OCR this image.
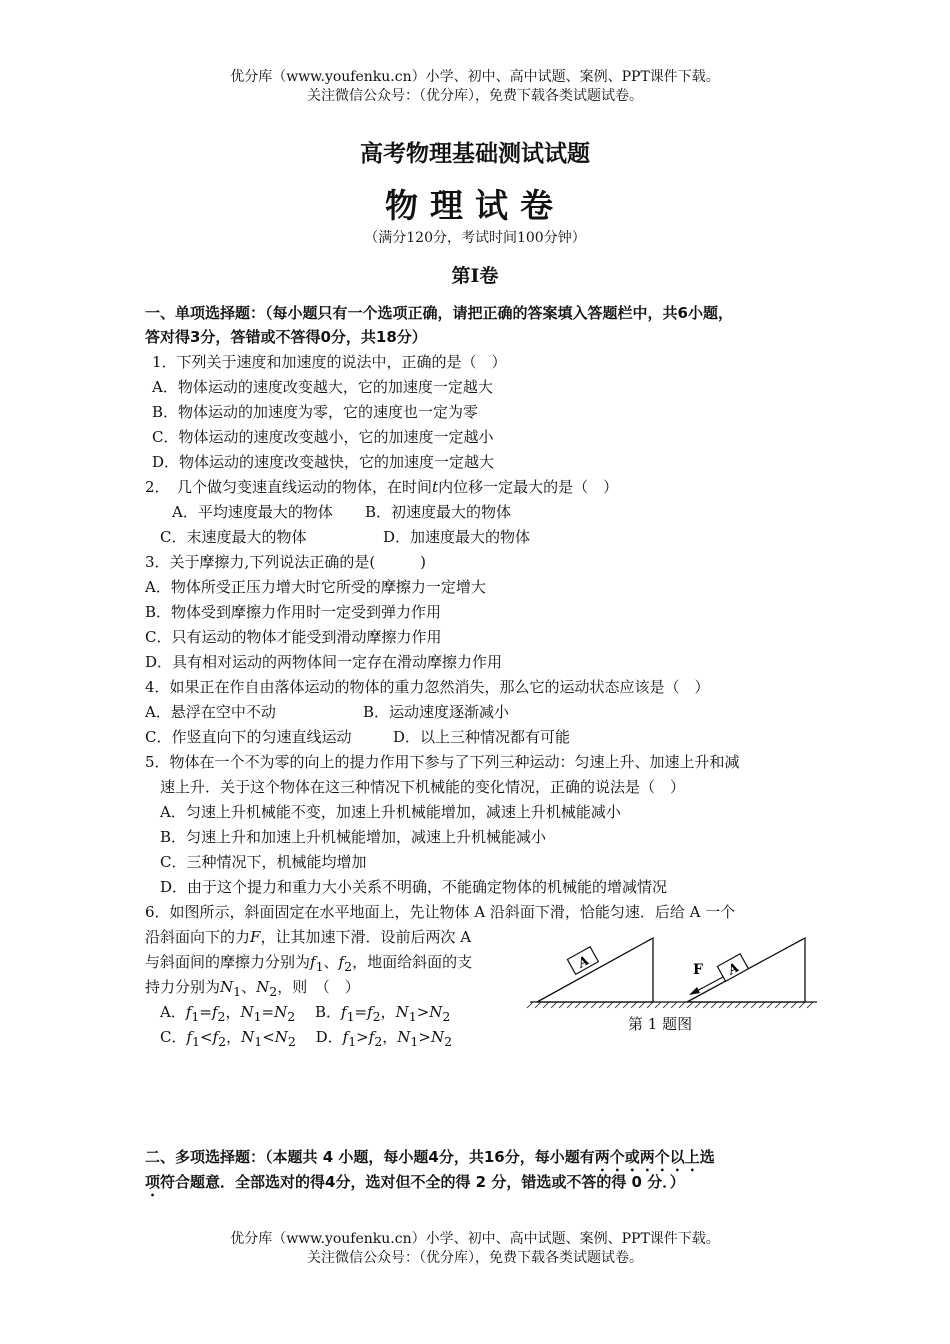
优分库（www.youfenku.cn）小学、初中、高中试题、案例、PPT课件下载。
关注微信公众号：（优分库），免费下载各类试题试卷。
高考物理基础测试试题
物理试卷
（满分120分，考试时间100分钟）
第Ⅰ卷
一、单项选择题：（每小题只有一个选项正确，请把正确的答案填入答题栏中，共6小题，
答对得3分，答错或不答得0分，共18分）
1．下列关于速度和加速度的说法中，正确的是（　）
A．物体运动的速度改变越大，它的加速度一定越大
B．物体运动的加速度为零，它的速度也一定为零
C．物体运动的速度改变越小，它的加速度一定越小
D．物体运动的速度改变越快，它的加速度一定越大
2．　几个做匀变速直线运动的物体，在时间t内位移一定最大的是（　）
A．平均速度最大的物体 B．初速度最大的物体
C．末速度最大的物体	D．加速度最大的物体
3．关于摩擦力,下列说法正确的是(　　　)
A．物体所受正压力增大时它所受的摩擦力一定增大
B．物体受到摩擦力作用时一定受到弹力作用
C．只有运动的物体才能受到滑动摩擦力作用
D．具有相对运动的两物体间一定存在滑动摩擦力作用
4．如果正在作自由落体运动的物体的重力忽然消失，那么它的运动状态应该是（　）
A．悬浮在空中不动	B．运动速度逐渐减小
C．作竖直向下的匀速直线运动	D．以上三种情况都有可能
5．物体在一个不为零的向上的提力作用下参与了下列三种运动：匀速上升、加速上升和减
速上升．关于这个物体在这三种情况下机械能的变化情况，正确的说法是（　）
A．匀速上升机械能不变，加速上升机械能增加，减速上升机械能减小
B．匀速上升和加速上升机械能增加，减速上升机械能减小
C．三种情况下，机械能均增加
D．由于这个提力和重力大小关系不明确，不能确定物体的机械能的增减情况
6．如图所示，斜面固定在水平地面上，先让物体 A 沿斜面下滑，恰能匀速．后给 A 一个
沿斜面向下的力F，让其加速下滑．设前后两次 A
与斜面间的摩擦力分别为$f_1$、$f_2$，地面给斜面的支
持力分别为$N_1$、$N_2$，则　（　）
A．$f_1=f_2$，$N_1=N_2$　 B．$f_1=f_2$，$N_1>N_2$
C．$f_1<f_2$，$N_1<N_2$　 D．$f_1>f_2$，$N_1>N_2$
A	A
F
第 1 题图
二、多项选择题：（本题共 4 小题，每小题4分，共16分，每小题有两个或两个以上选
项符合题意．全部选对的得4分，选对但不全的得 2 分，错选或不答的得 0 分．）
优分库（www.youfenku.cn）小学、初中、高中试题、案例、PPT课件下载。
关注微信公众号：（优分库），免费下载各类试题试卷。
